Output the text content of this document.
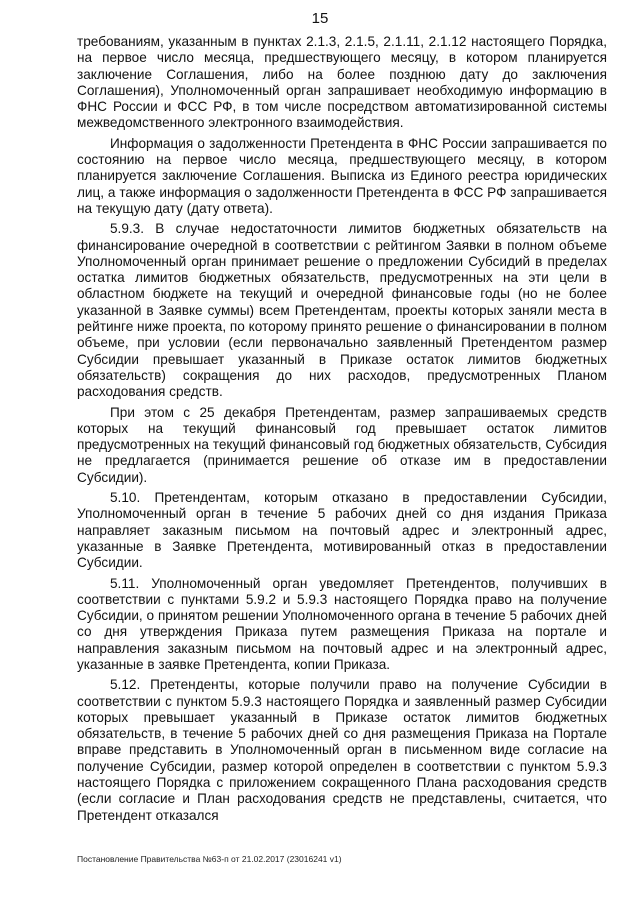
15

требованиям, указанным в пунктах 2.1.3, 2.1.5, 2.1.11, 2.1.12 настоящего Порядка, на первое число месяца, предшествующего месяцу, в котором планируется заключение Соглашения, либо на более позднюю дату до заключения Соглашения), Уполномоченный орган запрашивает необходимую информацию в ФНС России и ФСС РФ, в том числе посредством автоматизированной системы межведомственного электронного взаимодействия.

Информация о задолженности Претендента в ФНС России запрашивается по состоянию на первое число месяца, предшествующего месяцу, в котором планируется заключение Соглашения. Выписка из Единого реестра юридических лиц, а также информация о задолженности Претендента в ФСС РФ запрашивается на текущую дату (дату ответа).

5.9.3. В случае недостаточности лимитов бюджетных обязательств на финансирование очередной в соответствии с рейтингом Заявки в полном объеме Уполномоченный орган принимает решение о предложении Субсидий в пределах остатка лимитов бюджетных обязательств, предусмотренных на эти цели в областном бюджете на текущий и очередной финансовые годы (но не более указанной в Заявке суммы) всем Претендентам, проекты которых заняли места в рейтинге ниже проекта, по которому принято решение о финансировании в полном объеме, при условии (если первоначально заявленный Претендентом размер Субсидии превышает указанный в Приказе остаток лимитов бюджетных обязательств) сокращения до них расходов, предусмотренных Планом расходования средств.

При этом с 25 декабря Претендентам, размер запрашиваемых средств которых на текущий финансовый год превышает остаток лимитов предусмотренных на текущий финансовый год бюджетных обязательств, Субсидия не предлагается (принимается решение об отказе им в предоставлении Субсидии).

5.10. Претендентам, которым отказано в предоставлении Субсидии, Уполномоченный орган в течение 5 рабочих дней со дня издания Приказа направляет заказным письмом на почтовый адрес и электронный адрес, указанные в Заявке Претендента, мотивированный отказ в предоставлении Субсидии.

5.11. Уполномоченный орган уведомляет Претендентов, получивших в соответствии с пунктами 5.9.2 и 5.9.3 настоящего Порядка право на получение Субсидии, о принятом решении Уполномоченного органа в течение 5 рабочих дней со дня утверждения Приказа путем размещения Приказа на портале и направления заказным письмом на почтовый адрес и на электронный адрес, указанные в заявке Претендента, копии Приказа.

5.12. Претенденты, которые получили право на получение Субсидии в соответствии с пунктом 5.9.3 настоящего Порядка и заявленный размер Субсидии которых превышает указанный в Приказе остаток лимитов бюджетных обязательств, в течение 5 рабочих дней со дня размещения Приказа на Портале вправе представить в Уполномоченный орган в письменном виде согласие на получение Субсидии, размер которой определен в соответствии с пунктом 5.9.3 настоящего Порядка с приложением сокращенного Плана расходования средств (если согласие и План расходования средств не представлены, считается, что Претендент отказался

Постановление Правительства №63-п от 21.02.2017 (23016241 v1)
